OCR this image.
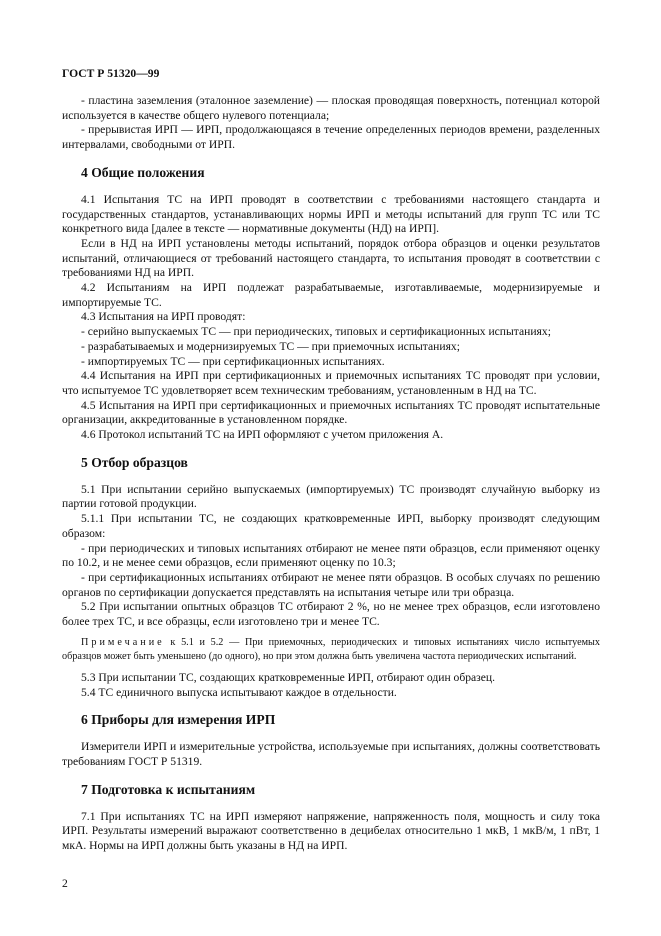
ГОСТ Р 51320—99

- пластина заземления (эталонное заземление) — плоская проводящая поверхность, потенциал которой используется в качестве общего нулевого потенциала;

- прерывистая ИРП — ИРП, продолжающаяся в течение определенных периодов времени, разделенных интервалами, свободными от ИРП.

4 Общие положения

4.1 Испытания ТС на ИРП проводят в соответствии с требованиями настоящего стандарта и государственных стандартов, устанавливающих нормы ИРП и методы испытаний для групп ТС или ТС конкретного вида [далее в тексте — нормативные документы (НД) на ИРП].

Если в НД на ИРП установлены методы испытаний, порядок отбора образцов и оценки результатов испытаний, отличающиеся от требований настоящего стандарта, то испытания проводят в соответствии с требованиями НД на ИРП.

4.2 Испытаниям на ИРП подлежат разрабатываемые, изготавливаемые, модернизируемые и импортируемые ТС.

4.3 Испытания на ИРП проводят:

- серийно выпускаемых ТС — при периодических, типовых и сертификационных испытаниях;

- разрабатываемых и модернизируемых ТС — при приемочных испытаниях;

- импортируемых ТС — при сертификационных испытаниях.

4.4 Испытания на ИРП при сертификационных и приемочных испытаниях ТС проводят при условии, что испытуемое ТС удовлетворяет всем техническим требованиям, установленным в НД на ТС.

4.5 Испытания на ИРП при сертификационных и приемочных испытаниях ТС проводят испытательные организации, аккредитованные в установленном порядке.

4.6 Протокол испытаний ТС на ИРП оформляют с учетом приложения А.

5 Отбор образцов

5.1 При испытании серийно выпускаемых (импортируемых) ТС производят случайную выборку из партии готовой продукции.

5.1.1 При испытании ТС, не создающих кратковременные ИРП, выборку производят следующим образом:

- при периодических и типовых испытаниях отбирают не менее пяти образцов, если применяют оценку по 10.2, и не менее семи образцов, если применяют оценку по 10.3;

- при сертификационных испытаниях отбирают не менее пяти образцов. В особых случаях по решению органов по сертификации допускается представлять на испытания четыре или три образца.

5.2 При испытании опытных образцов ТС отбирают 2 %, но не менее трех образцов, если изготовлено более трех ТС, и все образцы, если изготовлено три и менее ТС.

Примечание к 5.1 и 5.2 — При приемочных, периодических и типовых испытаниях число испытуемых образцов может быть уменьшено (до одного), но при этом должна быть увеличена частота периодических испытаний.

5.3 При испытании ТС, создающих кратковременные ИРП, отбирают один образец.

5.4 ТС единичного выпуска испытывают каждое в отдельности.

6 Приборы для измерения ИРП

Измерители ИРП и измерительные устройства, используемые при испытаниях, должны соответствовать требованиям ГОСТ Р 51319.

7 Подготовка к испытаниям

7.1 При испытаниях ТС на ИРП измеряют напряжение, напряженность поля, мощность и силу тока ИРП. Результаты измерений выражают соответственно в децибелах относительно 1 мкВ, 1 мкВ/м, 1 пВт, 1 мкА. Нормы на ИРП должны быть указаны в НД на ИРП.

2
